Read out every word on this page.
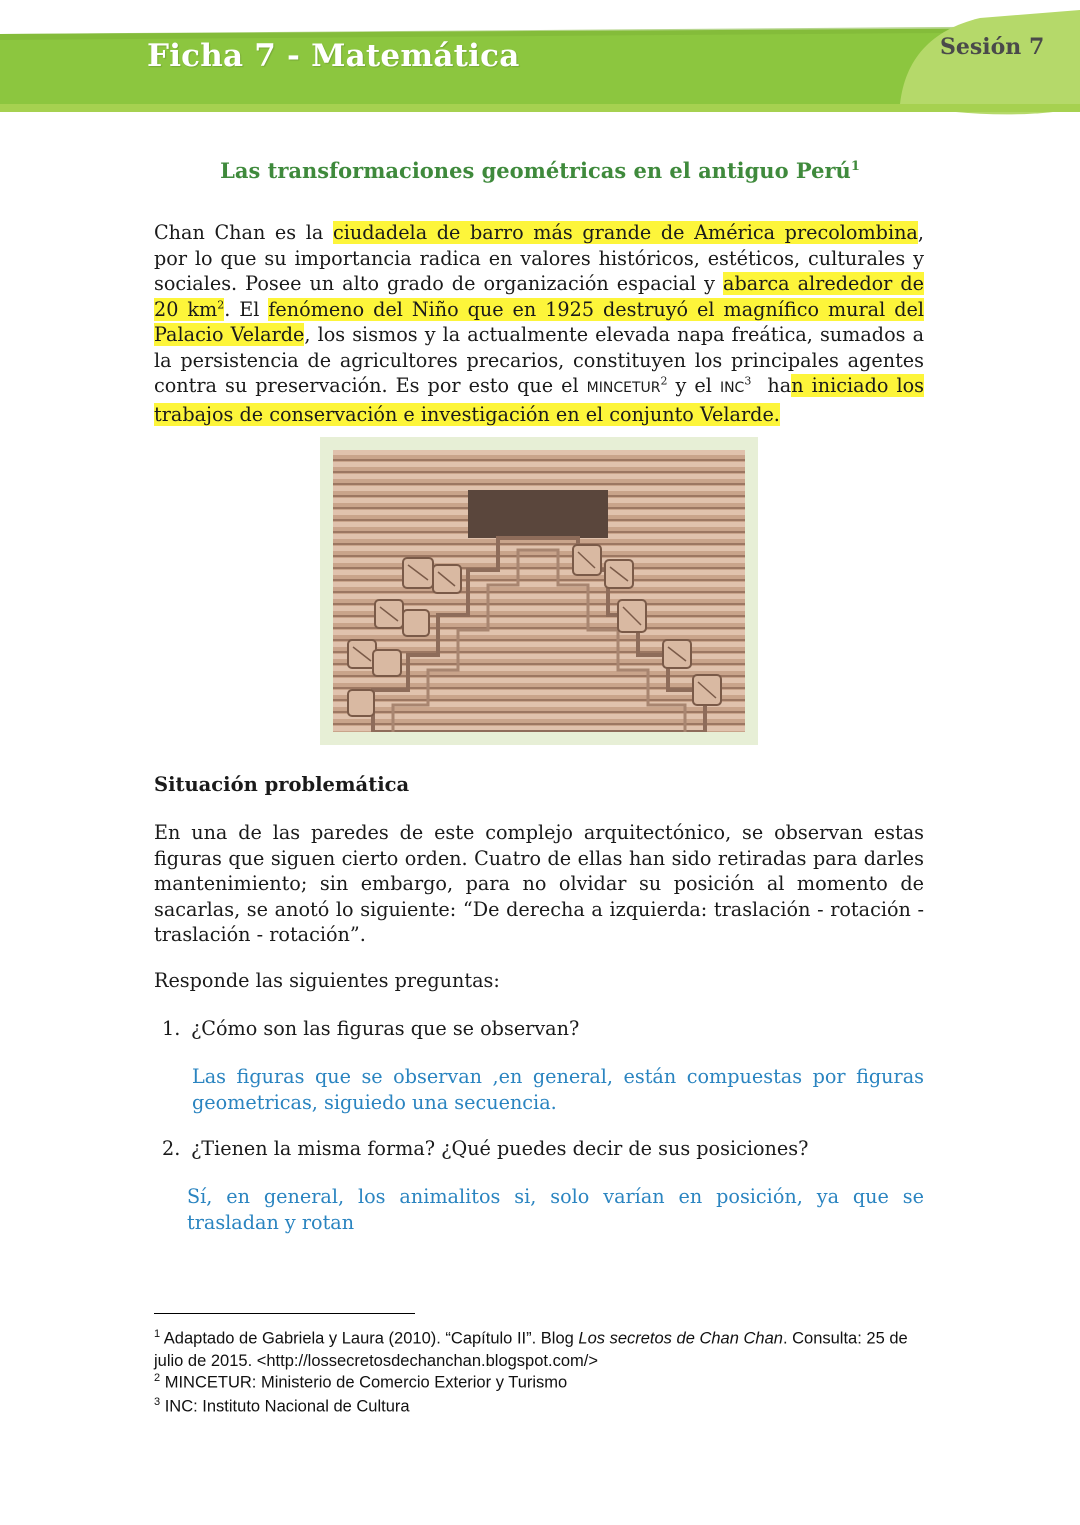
Ficha 7 - Matemática	Sesión 7
Las transformaciones geométricas en el antiguo Perú$^1$
Chan Chan es la ciudadela de barro más grande de América precolombina, por lo que su importancia radica en valores históricos, estéticos, culturales y sociales. Posee un alto grado de organización espacial y abarca alrededor de 20 $km^2$. El fenómeno del Niño que en 1925 destruyó el magnífico mural del Palacio Velarde, los sismos y la actualmente elevada napa freática, sumados a la persistencia de agricultores precarios, constituyen los principales agentes contra su preservación. Es por esto que el MINCETUR$^2$ y el INC$^3$  han iniciado los trabajos de conservación e investigación en el conjunto Velarde.
Situación problemática
En una de las paredes de este complejo arquitectónico, se observan estas figuras que siguen cierto orden. Cuatro de ellas han sido retiradas para darles mantenimiento; sin embargo, para no olvidar su posición al momento de sacarlas, se anotó lo siguiente: “De derecha a izquierda: traslación - rotación - traslación - rotación”.
Responde las siguientes preguntas:
1. ¿Cómo son las figuras que se observan?
Las figuras que se observan ,en general, están compuestas por figuras geometricas, siguiedo una secuencia.
2. ¿Tienen la misma forma? ¿Qué puedes decir de sus posiciones?
Sí, en general, los animalitos si, solo varían en posición, ya que se trasladan y rotan
$^1$ Adaptado de Gabriela y Laura (2010). “Capítulo II”. Blog Los secretos de Chan Chan. Consulta: 25 de julio de 2015. <http://lossecretosdechanchan.blogspot.com/>
$^2$ MINCETUR: Ministerio de Comercio Exterior y Turismo
$^3$ INC: Instituto Nacional de Cultura
